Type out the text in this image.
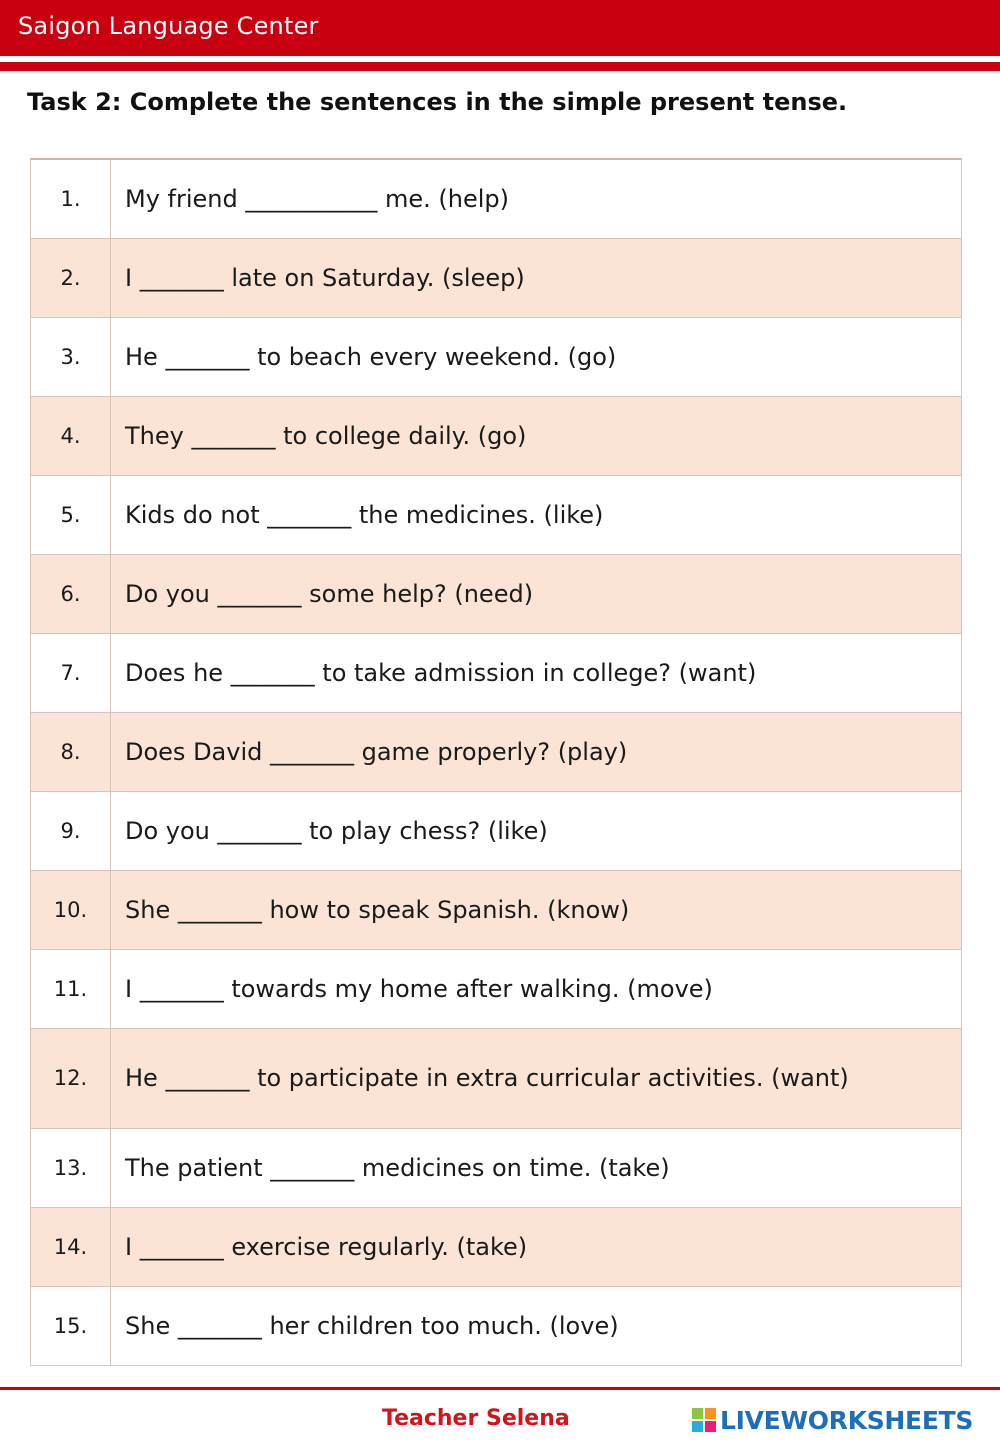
Saigon Language Center
Task 2: Complete the sentences in the simple present tense.
1.	My friend ___________ me. (help)
2.	I _______ late on Saturday. (sleep)
3.	He _______ to beach every weekend. (go)
4.	They _______ to college daily. (go)
5.	Kids do not _______ the medicines. (like)
6.	Do you _______ some help? (need)
7.	Does he _______ to take admission in college? (want)
8.	Does David _______ game properly? (play)
9.	Do you _______ to play chess? (like)
10.	She _______ how to speak Spanish. (know)
11.	I _______ towards my home after walking. (move)
12.	He _______ to participate in extra curricular activities. (want)
13.	The patient _______ medicines on time. (take)
14.	I _______ exercise regularly. (take)
15.	She _______ her children too much. (love)
Teacher Selena	LIVEWORKSHEETS
